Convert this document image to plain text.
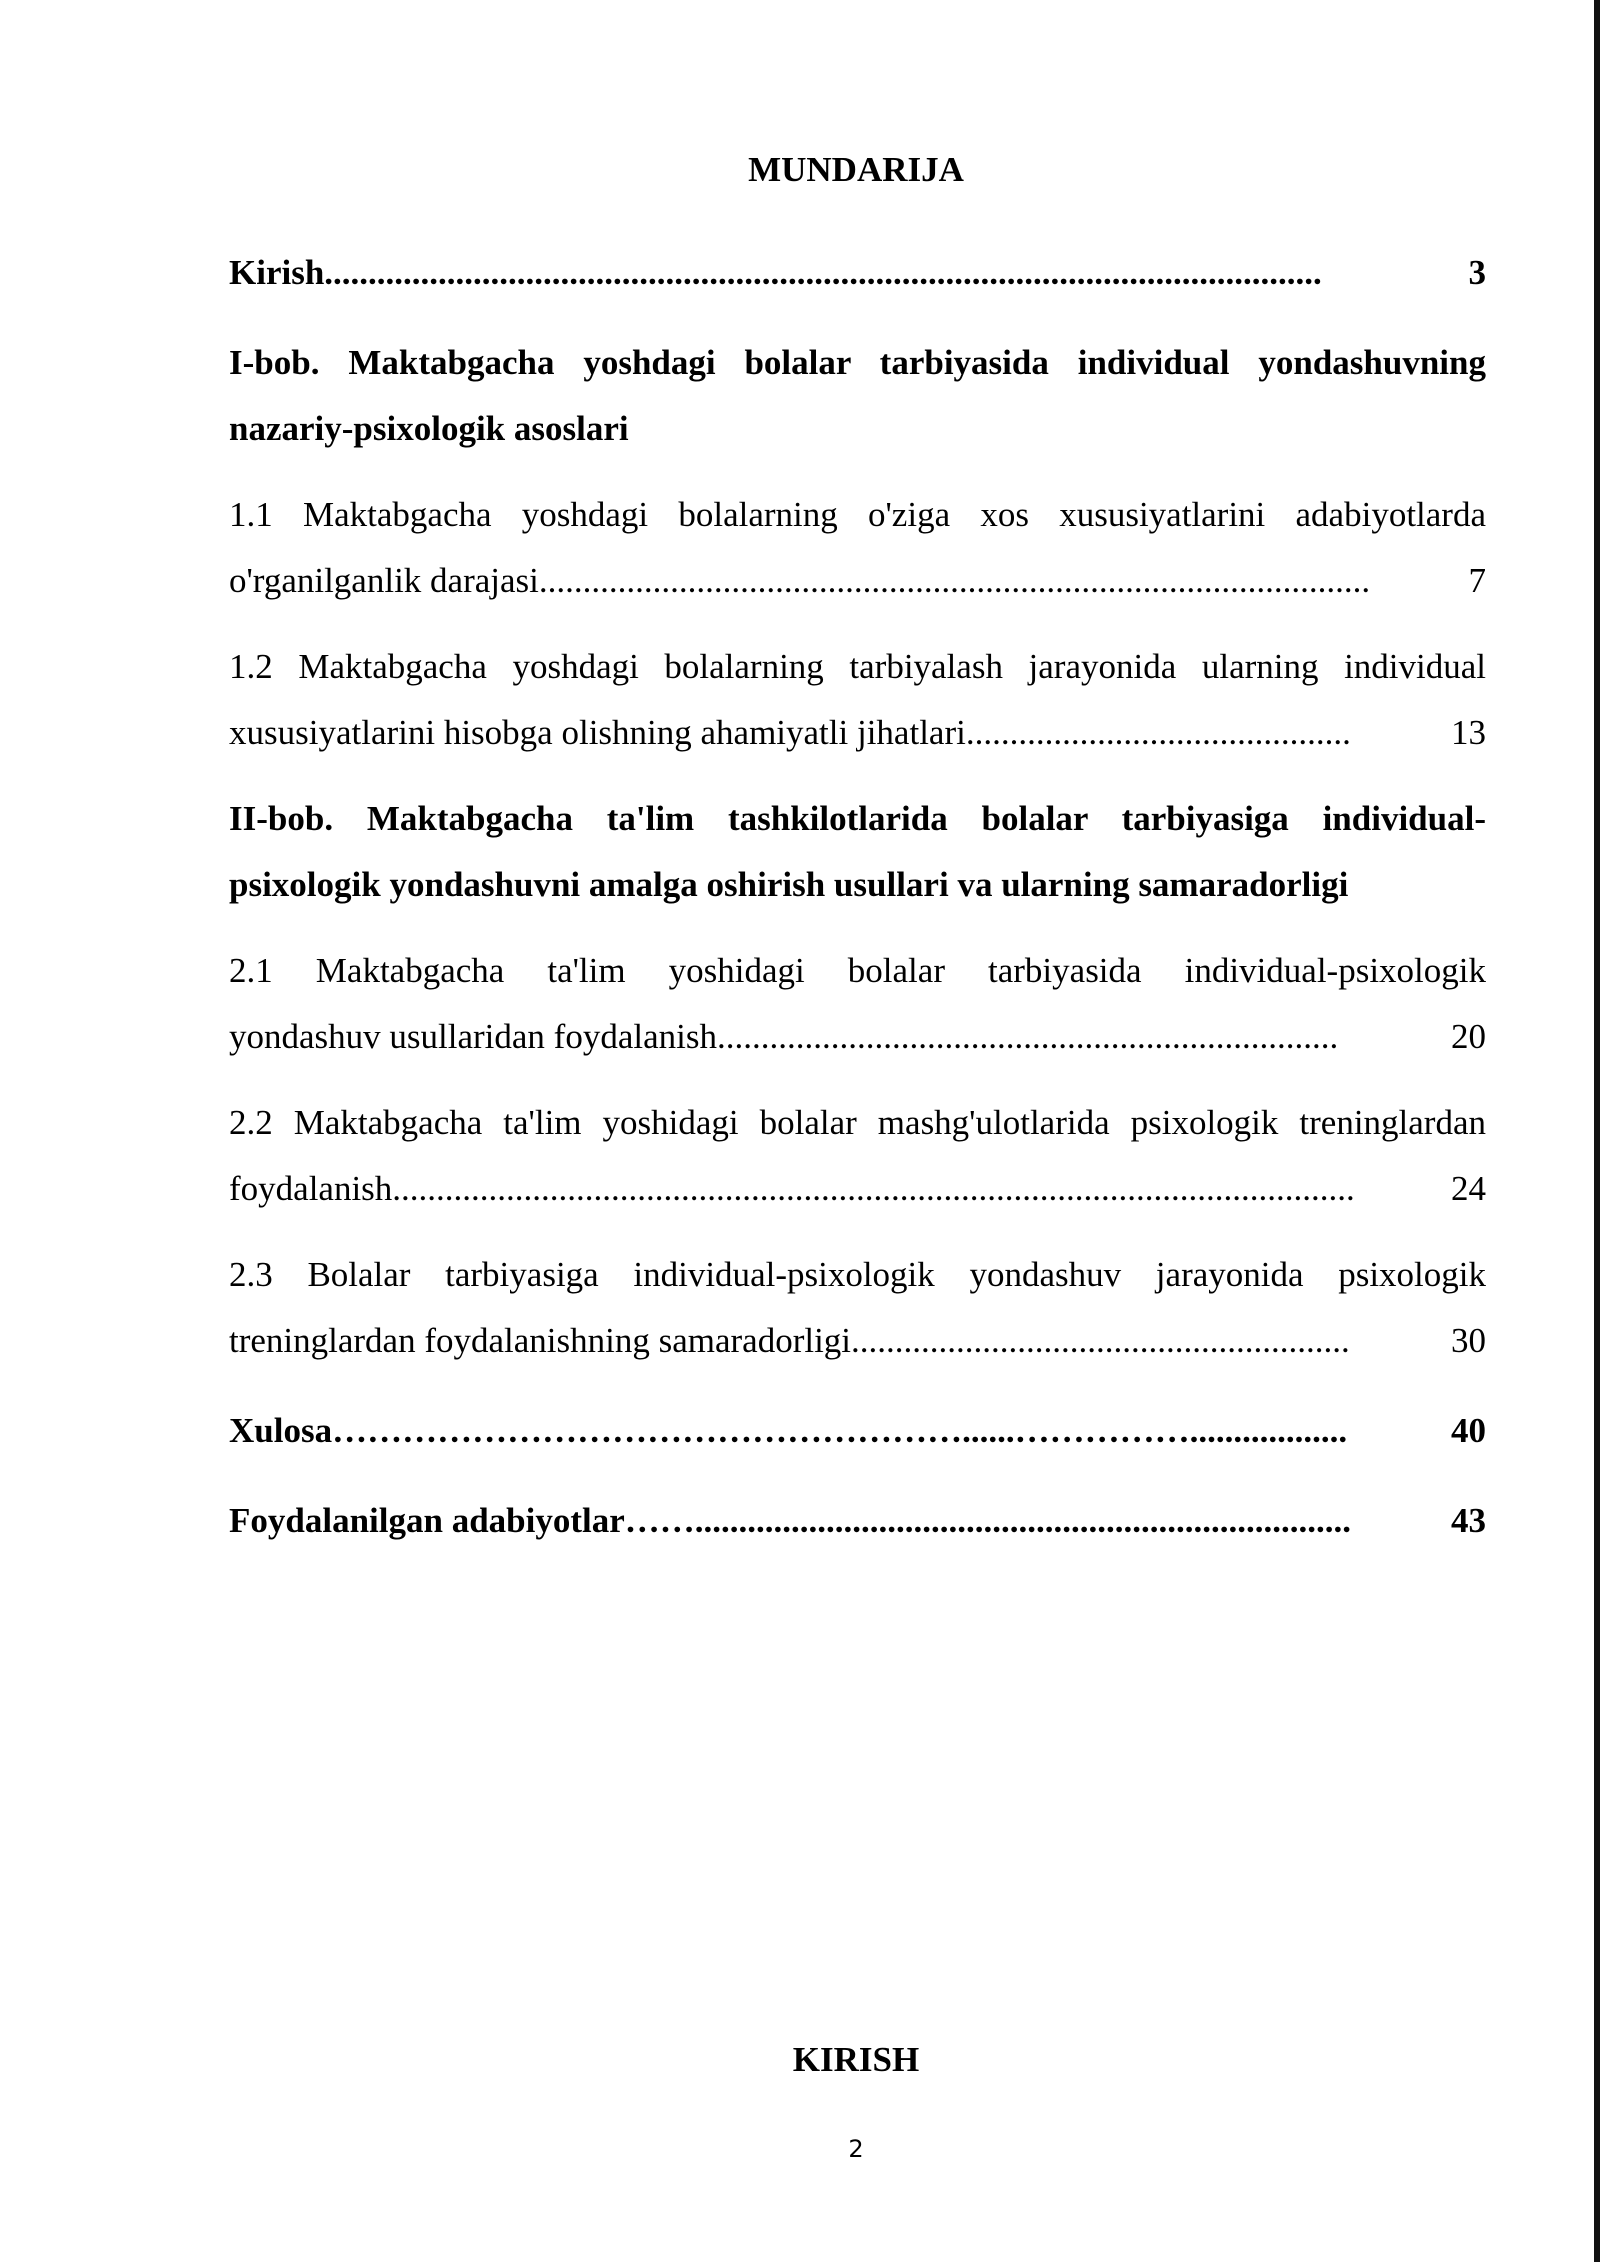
MUNDARIJA
Kirish ..................................................................................................................	3
I-bob. Maktabgacha yoshdagi bolalar tarbiyasida individual yondashuvning
nazariy-psixologik asoslari
1.1 Maktabgacha yoshdagi bolalarning o'ziga xos xususiyatlarini adabiyotlarda
o'rganilganlik darajasi ...............................................................................................	7
1.2 Maktabgacha yoshdagi bolalarning tarbiyalash jarayonida ularning individual
xususiyatlarini hisobga olishning ahamiyatli jihatlari ............................................	13
II-bob. Maktabgacha ta'lim tashkilotlarida bolalar tarbiyasiga individual-
psixologik yondashuvni amalga oshirish usullari va ularning samaradorligi
2.1 Maktabgacha ta'lim yoshidagi bolalar tarbiyasida individual-psixologik
yondashuv usullaridan foydalanish .......................................................................	20
2.2 Maktabgacha ta'lim yoshidagi bolalar mashg'ulotlarida psixologik treninglardan
foydalanish ..............................................................................................................	24
2.3 Bolalar tarbiyasiga individual-psixologik yondashuv jarayonida psixologik
treninglardan foydalanishning samaradorligi .........................................................	30
Xulosa ………………………………………………......……………..................	40
Foydalanilgan adabiyotlar ……...........................................................................	43
KIRISH
2
